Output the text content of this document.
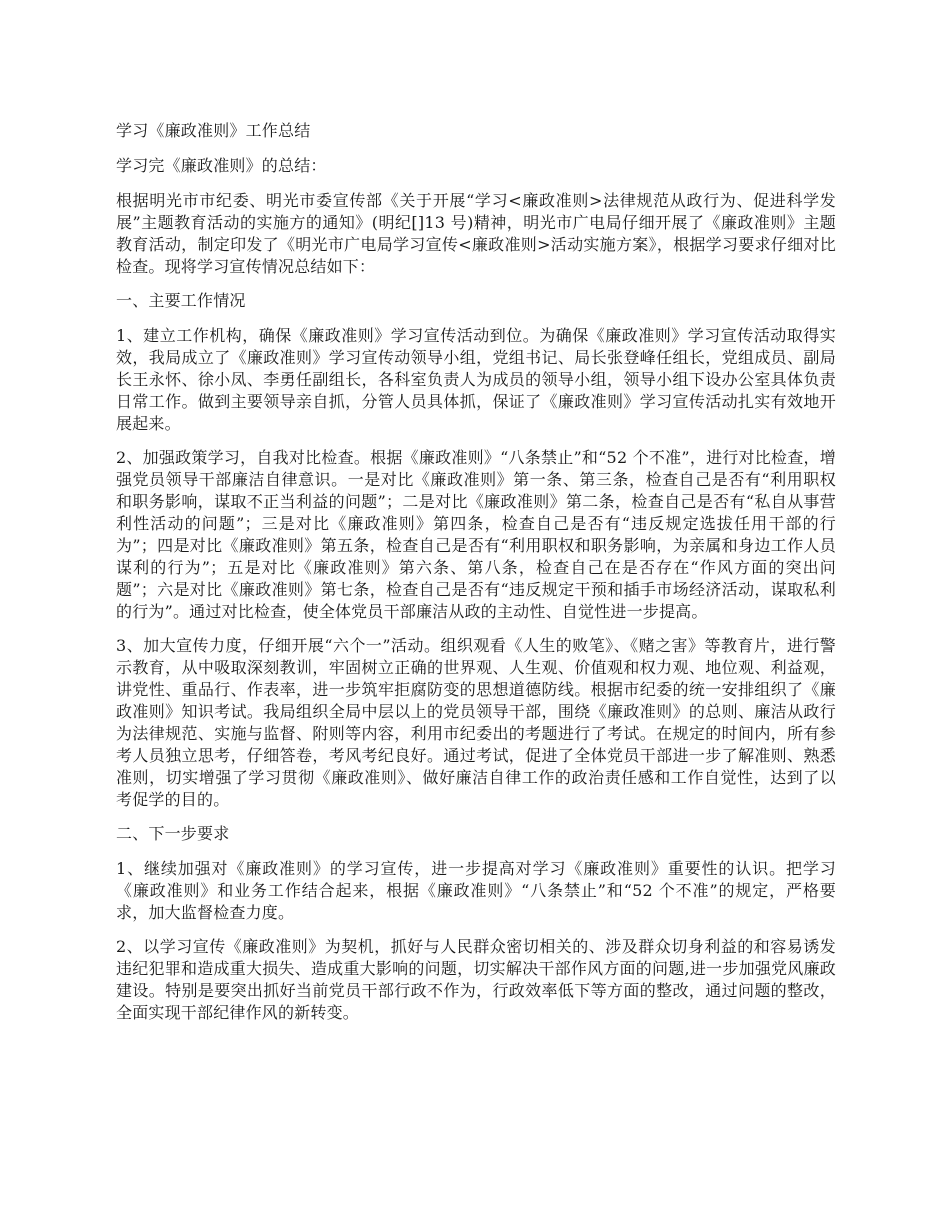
学习《廉政准则》工作总结

学习完《廉政准则》的总结：

根据明光市市纪委、明光市委宣传部《关于开展“学习<廉政准则>法律规范从政行为、促进科学发展”主题教育活动的实施方的通知》(明纪[]13 号)精神，明光市广电局仔细开展了《廉政准则》主题教育活动，制定印发了《明光市广电局学习宣传<廉政准则>活动实施方案》，根据学习要求仔细对比检查。现将学习宣传情况总结如下：

一、主要工作情况

1、建立工作机构，确保《廉政准则》学习宣传活动到位。为确保《廉政准则》学习宣传活动取得实效，我局成立了《廉政准则》学习宣传动领导小组，党组书记、局长张登峰任组长，党组成员、副局长王永怀、徐小凤、李勇任副组长，各科室负责人为成员的领导小组，领导小组下设办公室具体负责日常工作。做到主要领导亲自抓，分管人员具体抓，保证了《廉政准则》学习宣传活动扎实有效地开展起来。

2、加强政策学习，自我对比检查。根据《廉政准则》“八条禁止”和“52 个不准”，进行对比检查，增强党员领导干部廉洁自律意识。一是对比《廉政准则》第一条、第三条，检查自己是否有“利用职权和职务影响，谋取不正当利益的问题”；二是对比《廉政准则》第二条，检查自己是否有“私自从事营利性活动的问题”；三是对比《廉政准则》第四条，检查自己是否有“违反规定选拔任用干部的行为”；四是对比《廉政准则》第五条，检查自己是否有“利用职权和职务影响，为亲属和身边工作人员谋利的行为”；五是对比《廉政准则》第六条、第八条，检查自己在是否存在“作风方面的突出问题”；六是对比《廉政准则》第七条，检查自己是否有“违反规定干预和插手市场经济活动，谋取私利的行为”。通过对比检查，使全体党员干部廉洁从政的主动性、自觉性进一步提高。

3、加大宣传力度，仔细开展“六个一”活动。组织观看《人生的败笔》、《赌之害》等教育片，进行警示教育，从中吸取深刻教训，牢固树立正确的世界观、人生观、价值观和权力观、地位观、利益观，讲党性、重品行、作表率，进一步筑牢拒腐防变的思想道德防线。根据市纪委的统一安排组织了《廉政准则》知识考试。我局组织全局中层以上的党员领导干部，围绕《廉政准则》的总则、廉洁从政行为法律规范、实施与监督、附则等内容，利用市纪委出的考题进行了考试。在规定的时间内，所有参考人员独立思考，仔细答卷，考风考纪良好。通过考试，促进了全体党员干部进一步了解准则、熟悉准则，切实增强了学习贯彻《廉政准则》、做好廉洁自律工作的政治责任感和工作自觉性，达到了以考促学的目的。

二、下一步要求

1、继续加强对《廉政准则》的学习宣传，进一步提高对学习《廉政准则》重要性的认识。把学习《廉政准则》和业务工作结合起来，根据《廉政准则》“八条禁止”和“52 个不准”的规定，严格要求，加大监督检查力度。

2、以学习宣传《廉政准则》为契机，抓好与人民群众密切相关的、涉及群众切身利益的和容易诱发违纪犯罪和造成重大损失、造成重大影响的问题，切实解决干部作风方面的问题,进一步加强党风廉政建设。特别是要突出抓好当前党员干部行政不作为，行政效率低下等方面的整改，通过问题的整改，全面实现干部纪律作风的新转变。
